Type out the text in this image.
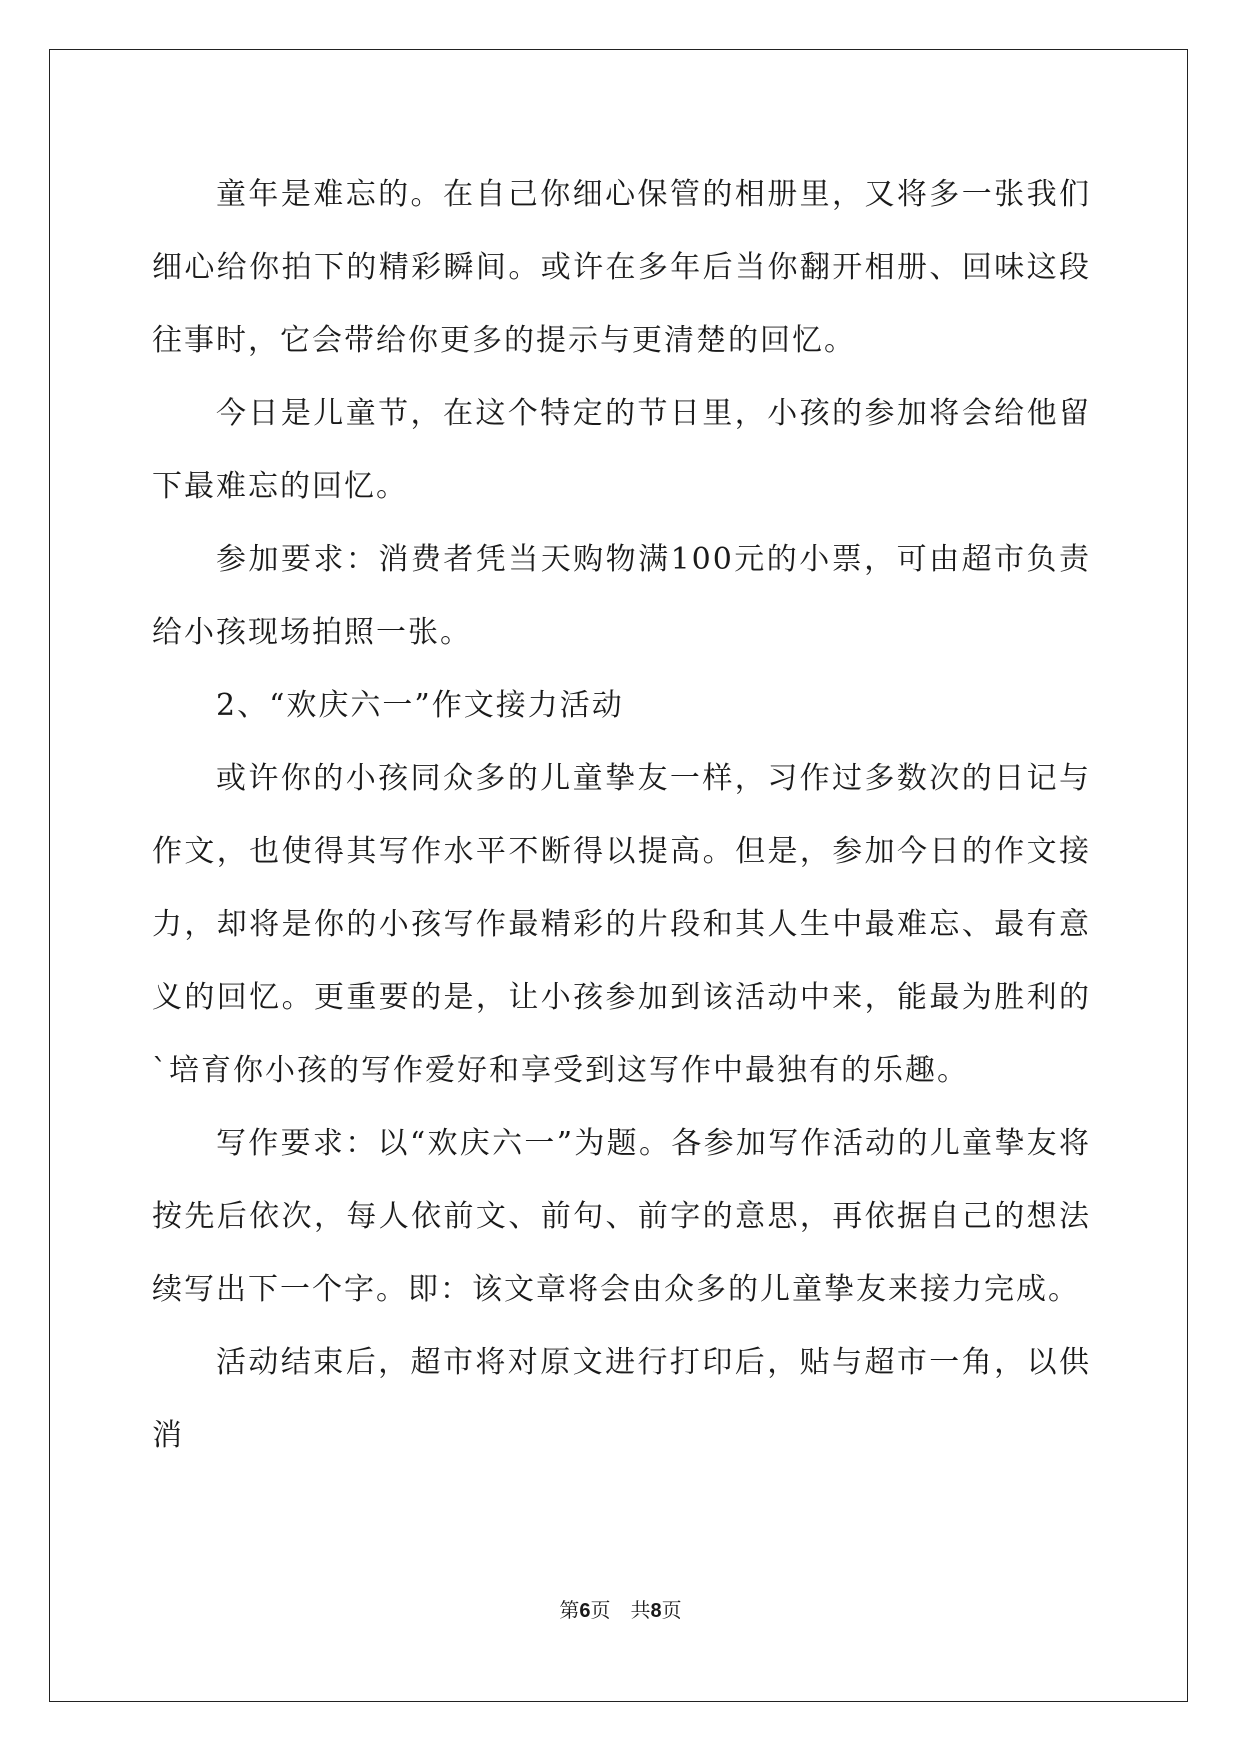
童年是难忘的。在自己你细心保管的相册里，又将多一张我们细心给你拍下的精彩瞬间。或许在多年后当你翻开相册、回味这段往事时，它会带给你更多的提示与更清楚的回忆。

今日是儿童节，在这个特定的节日里，小孩的参加将会给他留下最难忘的回忆。

参加要求：消费者凭当天购物满100元的小票，可由超市负责给小孩现场拍照一张。

2、“欢庆六一”作文接力活动

或许你的小孩同众多的儿童挚友一样，习作过多数次的日记与作文，也使得其写作水平不断得以提高。但是，参加今日的作文接力，却将是你的小孩写作最精彩的片段和其人生中最难忘、最有意义的回忆。更重要的是，让小孩参加到该活动中来，能最为胜利的`培育你小孩的写作爱好和享受到这写作中最独有的乐趣。

写作要求：以“欢庆六一”为题。各参加写作活动的儿童挚友将按先后依次，每人依前文、前句、前字的意思，再依据自己的想法续写出下一个字。即：该文章将会由众多的儿童挚友来接力完成。

活动结束后，超市将对原文进行打印后，贴与超市一角，以供消

第6页 共8页
